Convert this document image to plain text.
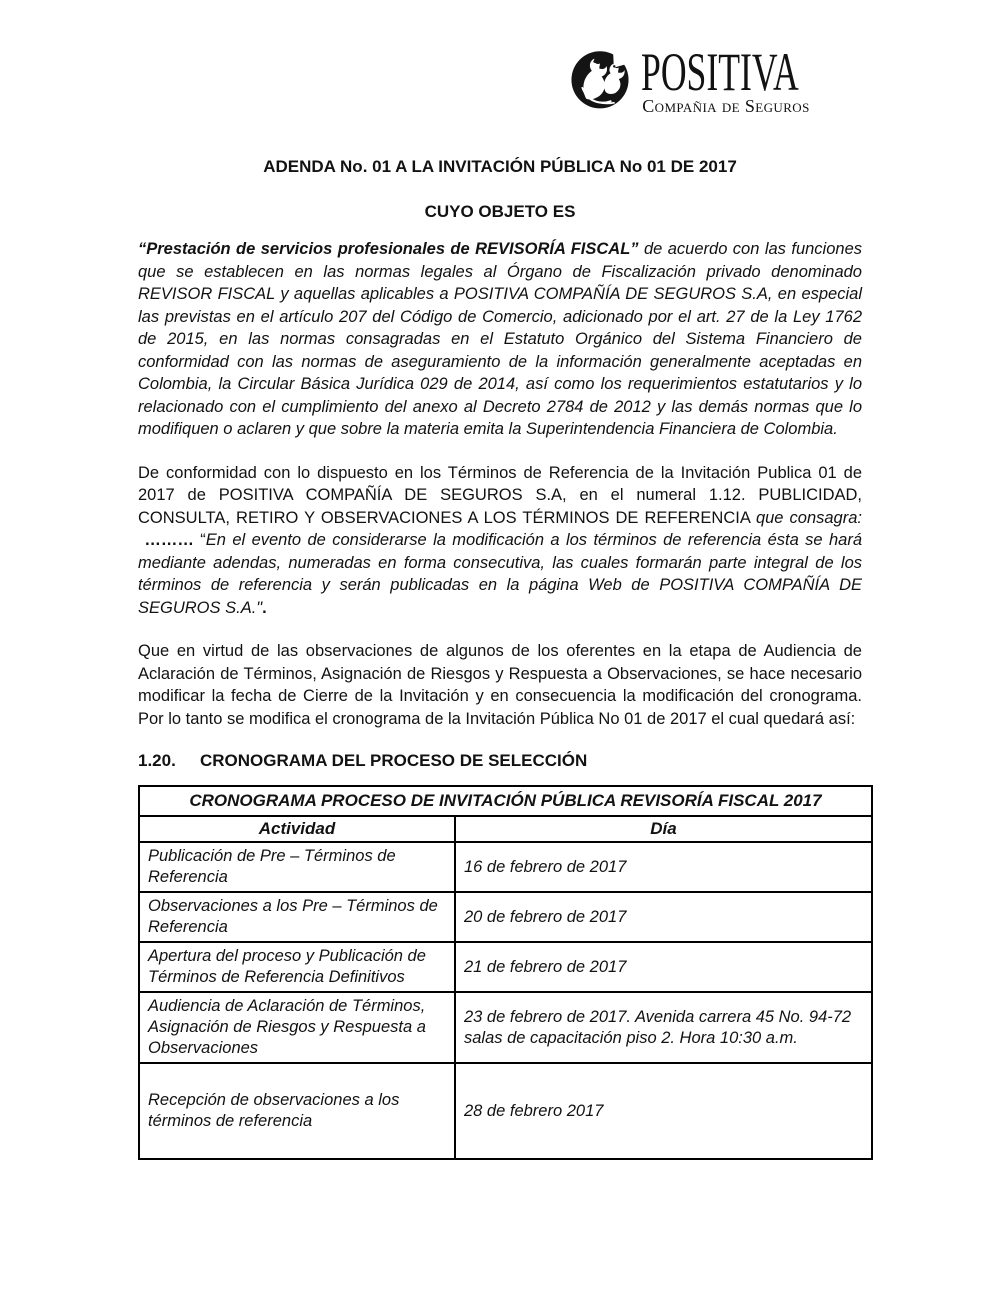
POSITIVA
Compañia de Seguros
ADENDA No. 01 A LA INVITACIÓN PÚBLICA No 01 DE 2017
CUYO OBJETO ES

“Prestación de servicios profesionales de REVISORÍA FISCAL” de acuerdo con las funciones que se establecen en las normas legales al Órgano de Fiscalización privado denominado REVISOR FISCAL y aquellas aplicables a POSITIVA COMPAÑÍA DE SEGUROS S.A, en especial las previstas en el artículo 207 del Código de Comercio, adicionado por el art. 27 de la Ley 1762 de 2015, en las normas consagradas en el Estatuto Orgánico del Sistema Financiero de conformidad con las normas de aseguramiento de la información generalmente aceptadas en Colombia, la Circular Básica Jurídica 029 de 2014, así como los requerimientos estatutarios y lo relacionado con el cumplimiento del anexo al Decreto 2784 de 2012 y las demás normas que lo modifiquen o aclaren y que sobre la materia emita la Superintendencia Financiera de Colombia.

De conformidad con lo dispuesto en los Términos de Referencia de la Invitación Publica 01 de 2017 de POSITIVA COMPAÑÍA DE SEGUROS S.A, en el numeral 1.12. PUBLICIDAD, CONSULTA, RETIRO Y OBSERVACIONES A LOS TÉRMINOS DE REFERENCIA que consagra:  ……… “En el evento de considerarse la modificación a los términos de referencia ésta se hará mediante adendas, numeradas en forma consecutiva, las cuales formarán parte integral de los términos de referencia y serán publicadas en la página Web de POSITIVA COMPAÑÍA DE SEGUROS S.A.".

Que en virtud de las observaciones de algunos de los oferentes en la etapa de Audiencia de Aclaración de Términos, Asignación de Riesgos y Respuesta a Observaciones, se hace necesario modificar la fecha de Cierre de la Invitación y en consecuencia la modificación del cronograma. Por lo tanto se modifica el cronograma de la Invitación Pública No 01 de 2017 el cual quedará así:

1.20. CRONOGRAMA DEL PROCESO DE SELECCIÓN
CRONOGRAMA PROCESO DE INVITACIÓN PÚBLICA REVISORÍA FISCAL 2017	
Actividad	Día
Publicación de Pre – Términos de Referencia	16 de febrero de 2017
Observaciones a los Pre – Términos de Referencia	20 de febrero de 2017
Apertura del proceso y Publicación de Términos de Referencia Definitivos	21 de febrero de 2017
Audiencia de Aclaración de Términos, Asignación de Riesgos y Respuesta a Observaciones	23 de febrero de 2017. Avenida carrera 45 No. 94-72 salas de capacitación piso 2. Hora 10:30 a.m.
Recepción de observaciones a los términos de referencia	28 de febrero 2017
